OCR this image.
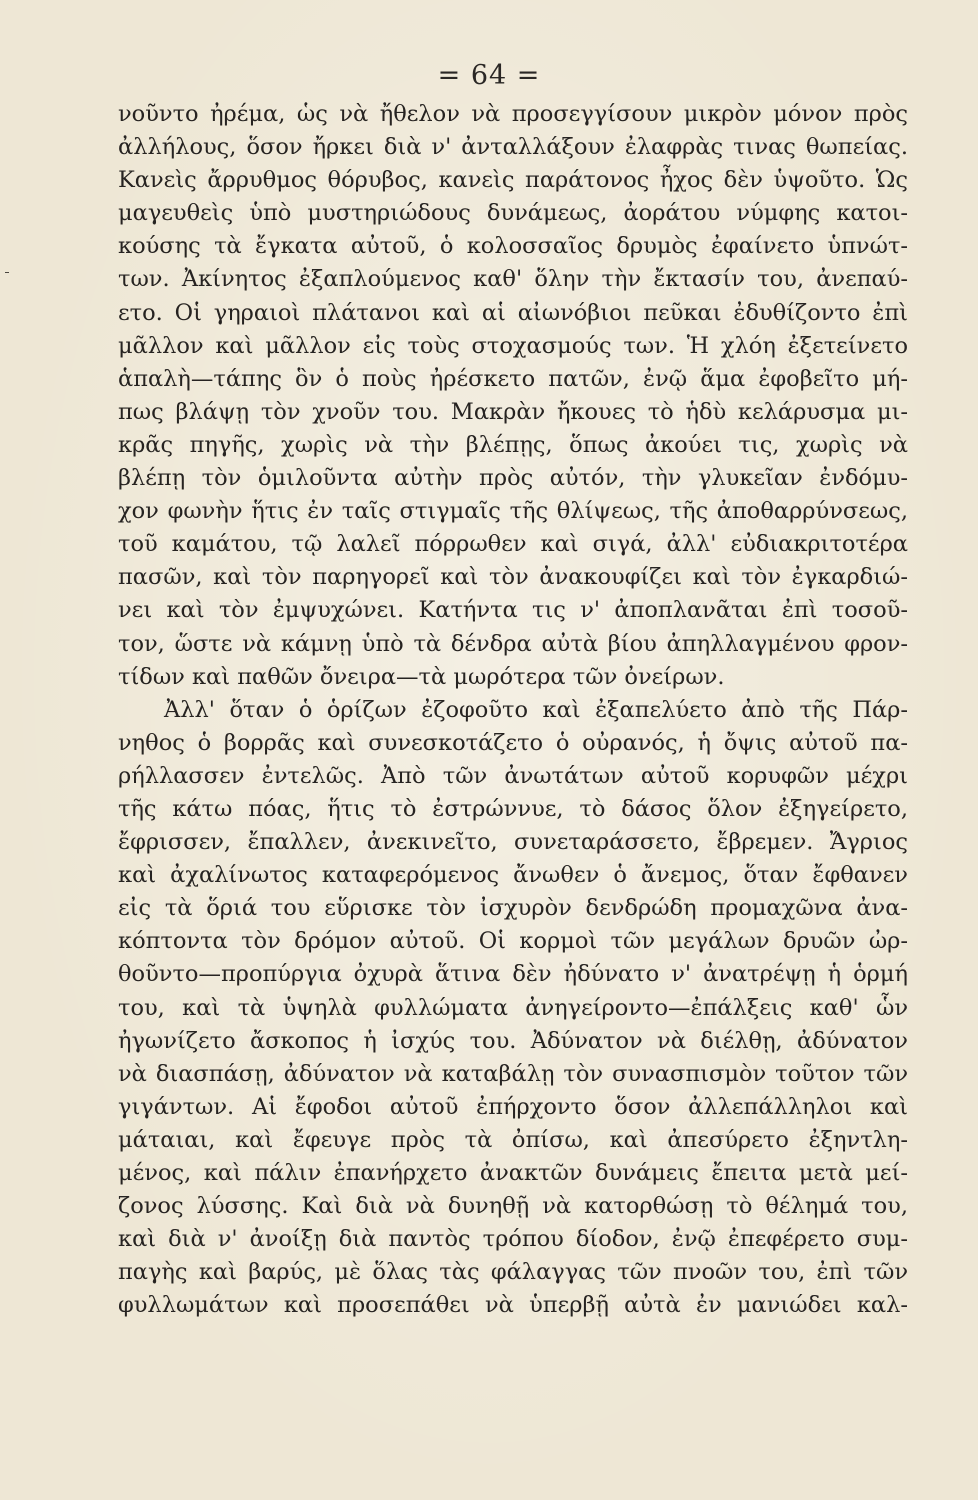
= 64 =
νοῦντο ἠρέμα, ὡς νὰ ἤθελον νὰ προσεγγίσουν μικρὸν μόνον πρὸς
ἀλλήλους, ὅσον ἤρκει διὰ ν' ἀνταλλάξουν ἐλαφρὰς τινας θωπείας.
Κανεὶς ἄρρυθμος θόρυβος, κανεὶς παράτονος ἦχος δὲν ὑψοῦτο. Ὡς
μαγευθεὶς ὑπὸ μυστηριώδους δυνάμεως, ἀοράτου νύμφης κατοι-
κούσης τὰ ἔγκατα αὐτοῦ, ὁ κολοσσαῖος δρυμὸς ἐφαίνετο ὑπνώτ-
των. Ἀκίνητος ἐξαπλούμενος καθ' ὅλην τὴν ἔκτασίν του, ἀνεπαύ-
ετο. Οἱ γηραιοὶ πλάτανοι καὶ αἱ αἰωνόβιοι πεῦκαι ἐδυθίζοντο ἐπὶ
μᾶλλον καὶ μᾶλλον εἰς τοὺς στοχασμούς των. Ἡ χλόη ἐξετείνετο
ἁπαλὴ—τάπης ὃν ὁ ποὺς ἠρέσκετο πατῶν, ἐνῷ ἅμα ἐφοβεῖτο μή-
πως βλάψῃ τὸν χνοῦν του. Μακρὰν ἤκουες τὸ ἡδὺ κελάρυσμα μι-
κρᾶς πηγῆς, χωρὶς νὰ τὴν βλέπῃς, ὅπως ἀκούει τις, χωρὶς νὰ
βλέπῃ τὸν ὁμιλοῦντα αὐτὴν πρὸς αὐτόν, τὴν γλυκεῖαν ἐνδόμυ-
χον φωνὴν ἥτις ἐν ταῖς στιγμαῖς τῆς θλίψεως, τῆς ἀποθαρρύνσεως,
τοῦ καμάτου, τῷ λαλεῖ πόρρωθεν καὶ σιγά, ἀλλ' εὐδιακριτοτέρα
πασῶν, καὶ τὸν παρηγορεῖ καὶ τὸν ἀνακουφίζει καὶ τὸν ἐγκαρδιώ-
νει καὶ τὸν ἐμψυχώνει. Κατήντα τις ν' ἀποπλανᾶται ἐπὶ τοσοῦ-
τον, ὥστε νὰ κάμνῃ ὑπὸ τὰ δένδρα αὐτὰ βίου ἀπηλλαγμένου φρον-
τίδων καὶ παθῶν ὄνειρα—τὰ μωρότερα τῶν ὀνείρων.
Ἀλλ' ὅταν ὁ ὁρίζων ἐζοφοῦτο καὶ ἐξαπελύετο ἀπὸ τῆς Πάρ-
νηθος ὁ βορρᾶς καὶ συνεσκοτάζετο ὁ οὐρανός, ἡ ὄψις αὐτοῦ πα-
ρήλλασσεν ἐντελῶς. Ἀπὸ τῶν ἀνωτάτων αὐτοῦ κορυφῶν μέχρι
τῆς κάτω πόας, ἥτις τὸ ἐστρώννυε, τὸ δάσος ὅλον ἐξηγείρετο,
ἔφρισσεν, ἔπαλλεν, ἀνεκινεῖτο, συνεταράσσετο, ἔβρεμεν. Ἄγριος
καὶ ἀχαλίνωτος καταφερόμενος ἄνωθεν ὁ ἄνεμος, ὅταν ἔφθανεν
εἰς τὰ ὅριά του εὕρισκε τὸν ἰσχυρὸν δενδρώδη προμαχῶνα ἀνα-
κόπτοντα τὸν δρόμον αὐτοῦ. Οἱ κορμοὶ τῶν μεγάλων δρυῶν ὠρ-
θοῦντο—προπύργια ὀχυρὰ ἅτινα δὲν ἠδύνατο ν' ἀνατρέψῃ ἡ ὁρμή
του, καὶ τὰ ὑψηλὰ φυλλώματα ἀνηγείροντο—ἐπάλξεις καθ' ὧν
ἠγωνίζετο ἄσκοπος ἡ ἰσχύς του. Ἀδύνατον νὰ διέλθῃ, ἀδύνατον
νὰ διασπάσῃ, ἀδύνατον νὰ καταβάλῃ τὸν συνασπισμὸν τοῦτον τῶν
γιγάντων. Αἱ ἔφοδοι αὐτοῦ ἐπήρχοντο ὅσον ἀλλεπάλληλοι καὶ
μάταιαι, καὶ ἔφευγε πρὸς τὰ ὀπίσω, καὶ ἀπεσύρετο ἐξηντλη-
μένος, καὶ πάλιν ἐπανήρχετο ἀνακτῶν δυνάμεις ἔπειτα μετὰ μεί-
ζονος λύσσης. Καὶ διὰ νὰ δυνηθῇ νὰ κατορθώσῃ τὸ θέλημά του,
καὶ διὰ ν' ἀνοίξῃ διὰ παντὸς τρόπου δίοδον, ἐνῷ ἐπεφέρετο συμ-
παγὴς καὶ βαρύς, μὲ ὅλας τὰς φάλαγγας τῶν πνοῶν του, ἐπὶ τῶν
φυλλωμάτων καὶ προσεπάθει νὰ ὑπερβῇ αὐτὰ ἐν μανιώδει καλ-
